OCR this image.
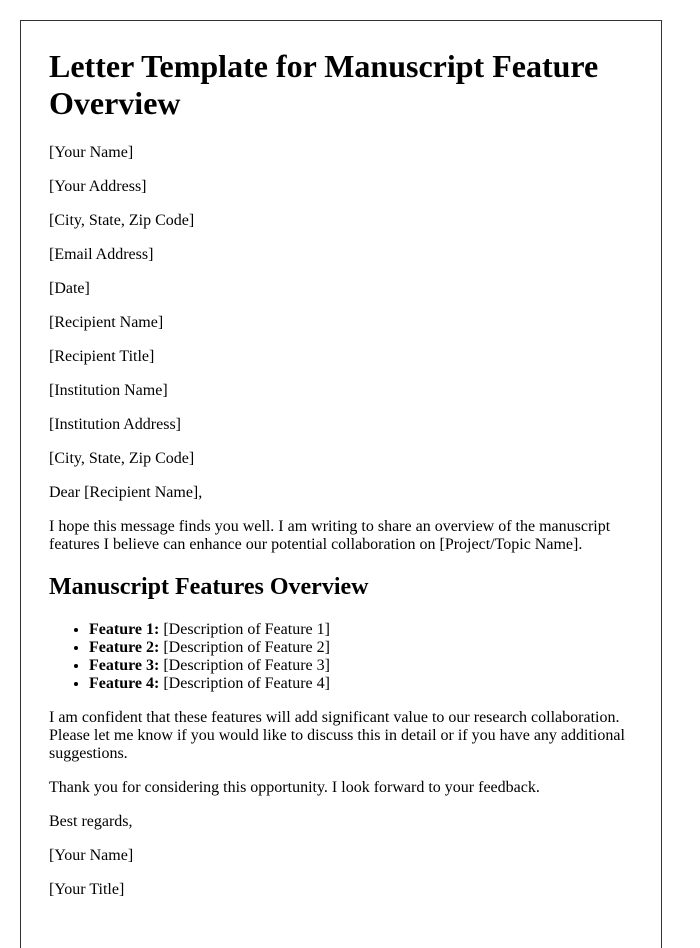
Letter Template for Manuscript Feature Overview

[Your Name]

[Your Address]

[City, State, Zip Code]

[Email Address]

[Date]

[Recipient Name]

[Recipient Title]

[Institution Name]

[Institution Address]

[City, State, Zip Code]

Dear [Recipient Name],

I hope this message finds you well. I am writing to share an overview of the manuscript features I believe can enhance our potential collaboration on [Project/Topic Name].

Manuscript Features Overview
• Feature 1: [Description of Feature 1]
• Feature 2: [Description of Feature 2]
• Feature 3: [Description of Feature 3]
• Feature 4: [Description of Feature 4]

I am confident that these features will add significant value to our research collaboration. Please let me know if you would like to discuss this in detail or if you have any additional suggestions.

Thank you for considering this opportunity. I look forward to your feedback.

Best regards,

[Your Name]

[Your Title]
